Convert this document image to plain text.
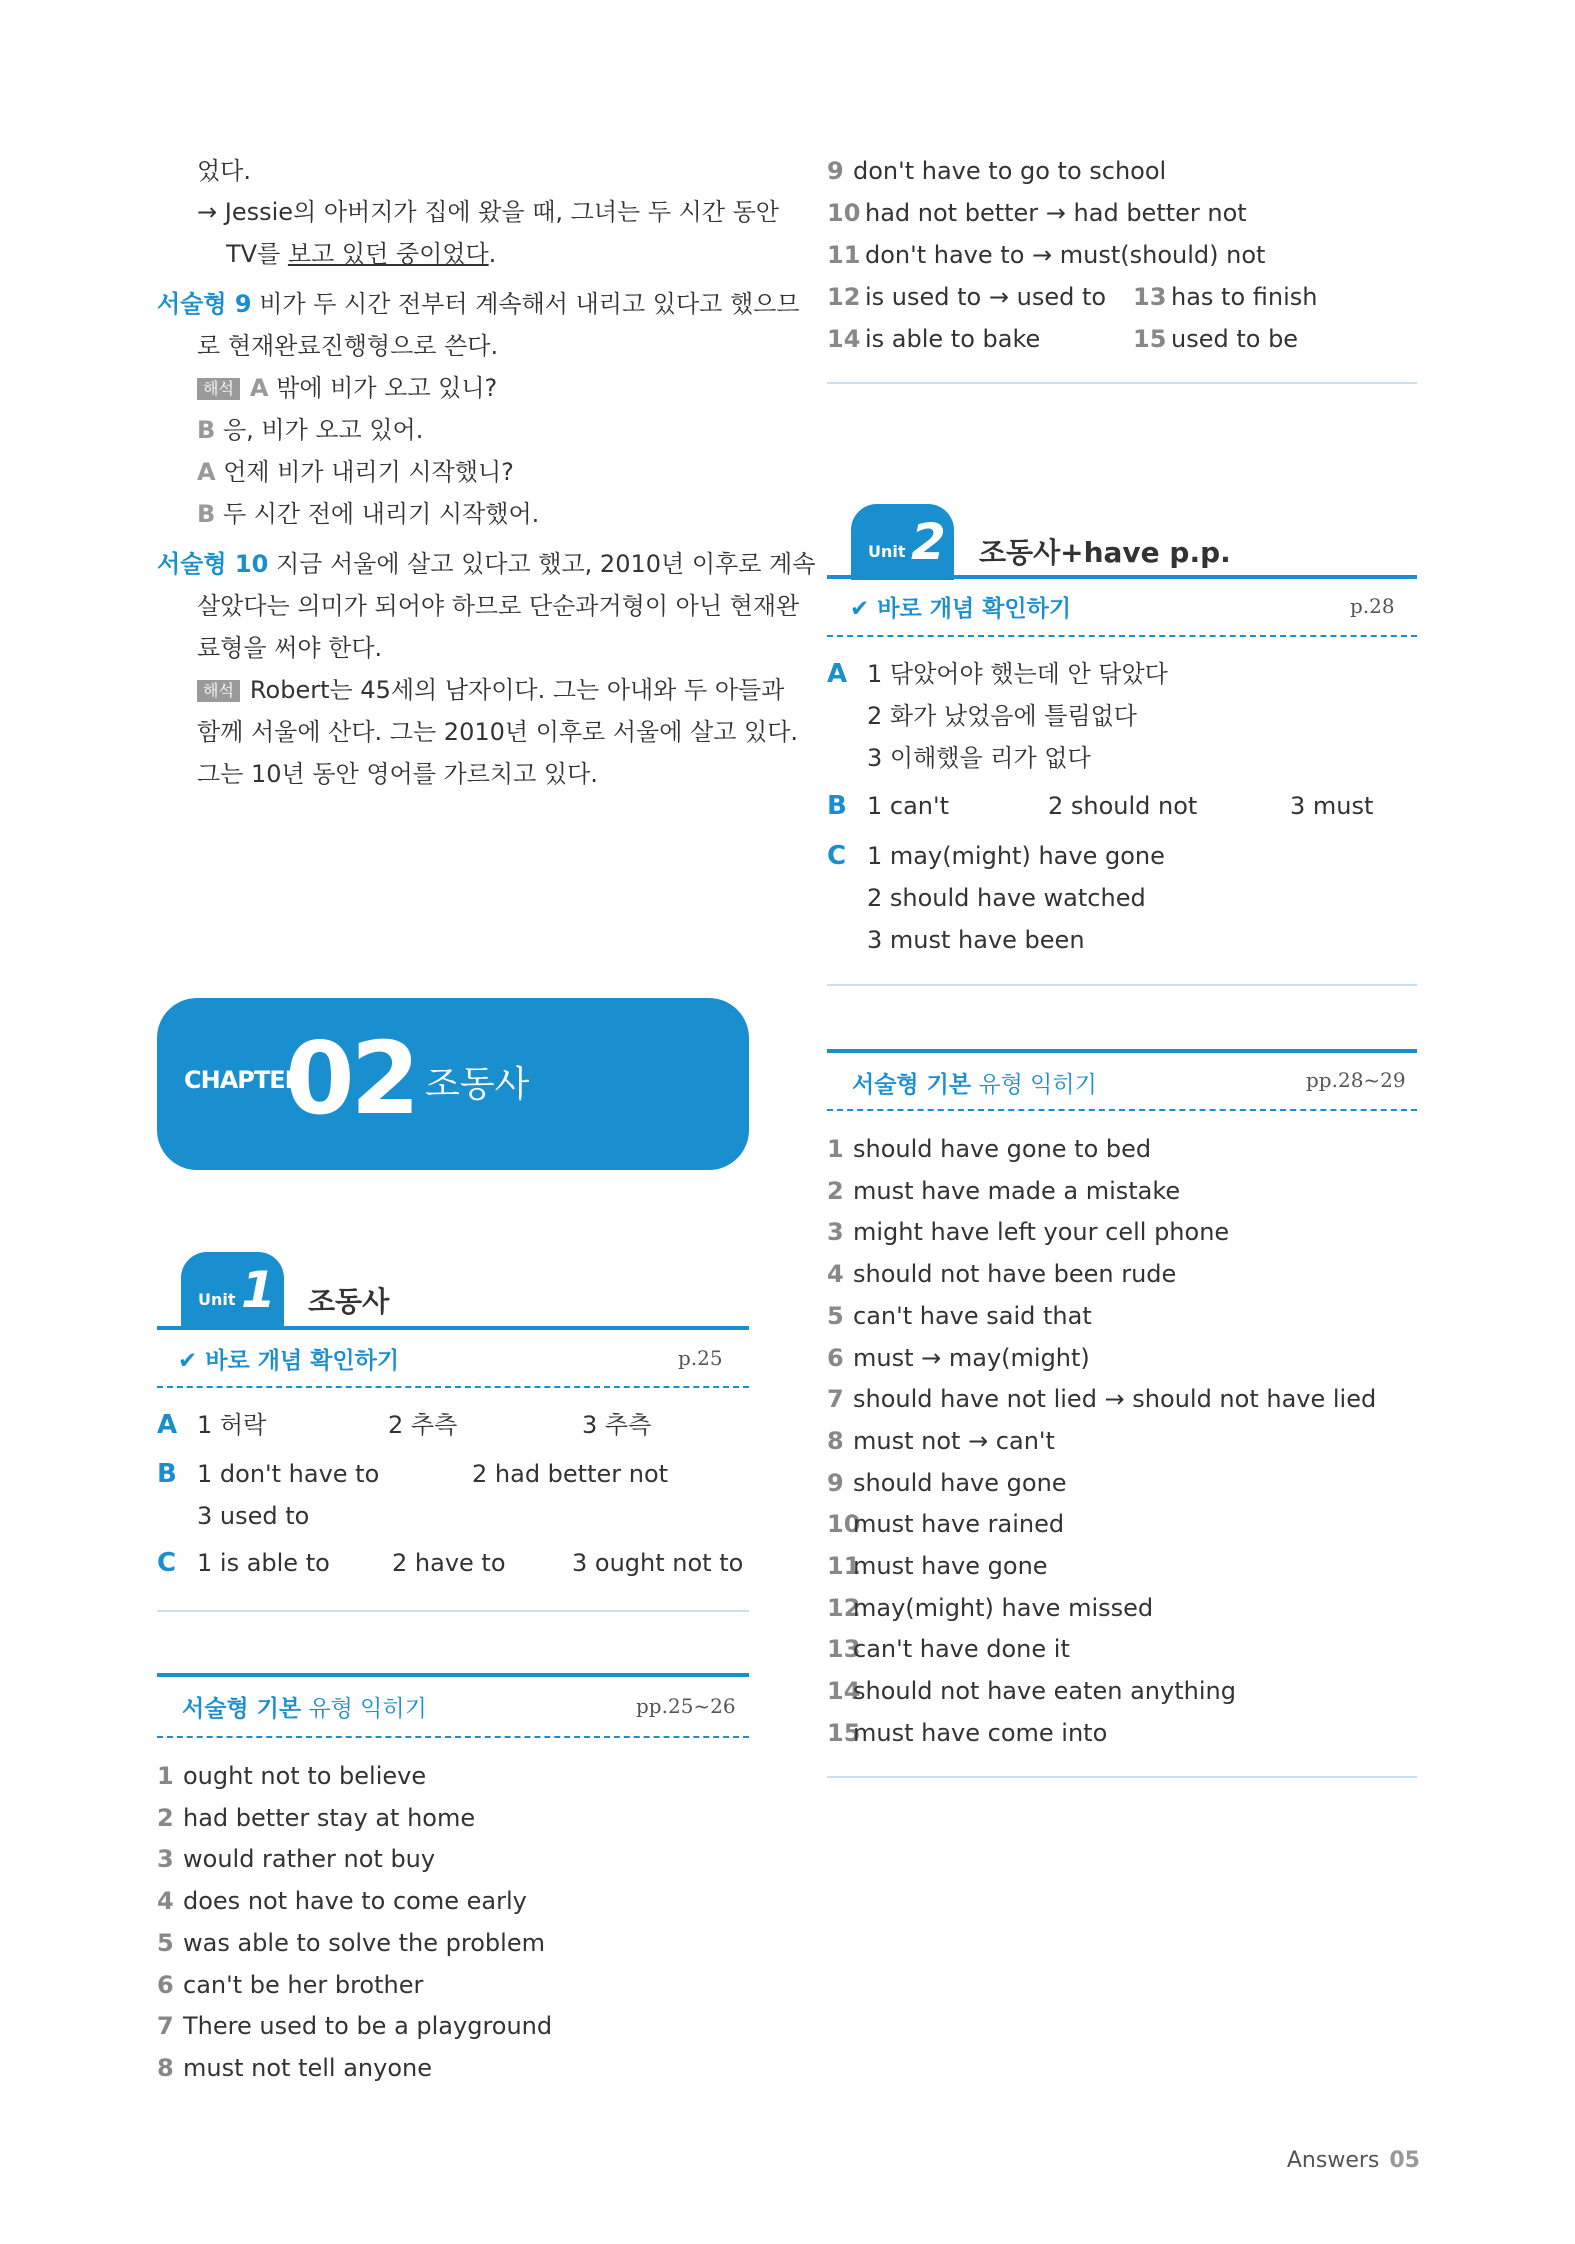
었다.
→ Jessie의 아버지가 집에 왔을 때, 그녀는 두 시간 동안
TV를 보고 있던 중이었다.
서술형 9 비가 두 시간 전부터 계속해서 내리고 있다고 했으므
로 현재완료진행형으로 쓴다.
해석 A 밖에 비가 오고 있니?
B 응, 비가 오고 있어.
A 언제 비가 내리기 시작했니?
B 두 시간 전에 내리기 시작했어.
서술형 10 지금 서울에 살고 있다고 했고, 2010년 이후로 계속
살았다는 의미가 되어야 하므로 단순과거형이 아닌 현재완
료형을 써야 한다.
해석 Robert는 45세의 남자이다. 그는 아내와 두 아들과
함께 서울에 산다. 그는 2010년 이후로 서울에 살고 있다.
그는 10년 동안 영어를 가르치고 있다.
CHAPTER
02 조동사
Unit 1 조동사
✔ 바로 개념 확인하기	p.25
A 1 허락	2 추측	3 추측
B 1 don't have to	2 had better not
3 used to
C 1 is able to	2 have to	3 ought not to
서술형 기본 유형 익히기	pp.25~26
1 ought not to believe
2 had better stay at home
3 would rather not buy
4 does not have to come early
5 was able to solve the problem
6 can't be her brother
7 There used to be a playground
8 must not tell anyone
9 don't have to go to school
10 had not better → had better not
11 don't have to → must(should) not
12 is used to → used to 13 has to finish
14 is able to bake	15 used to be
Unit 2 조동사+have p.p.
✔ 바로 개념 확인하기	p.28
A 1 닦았어야 했는데 안 닦았다
2 화가 났었음에 틀림없다
3 이해했을 리가 없다
B 1 can't	2 should not	3 must
C 1 may(might) have gone
2 should have watched
3 must have been
서술형 기본 유형 익히기	pp.28~29
1 should have gone to bed
2 must have made a mistake
3 might have left your cell phone
4 should not have been rude
5 can't have said that
6 must → may(might)
7 should have not lied → should not have lied
8 must not → can't
9 should have gone
10must have rained
11must have gone
12may(might) have missed
13can't have done it
14should not have eaten anything
15must have come into
Answers 05
